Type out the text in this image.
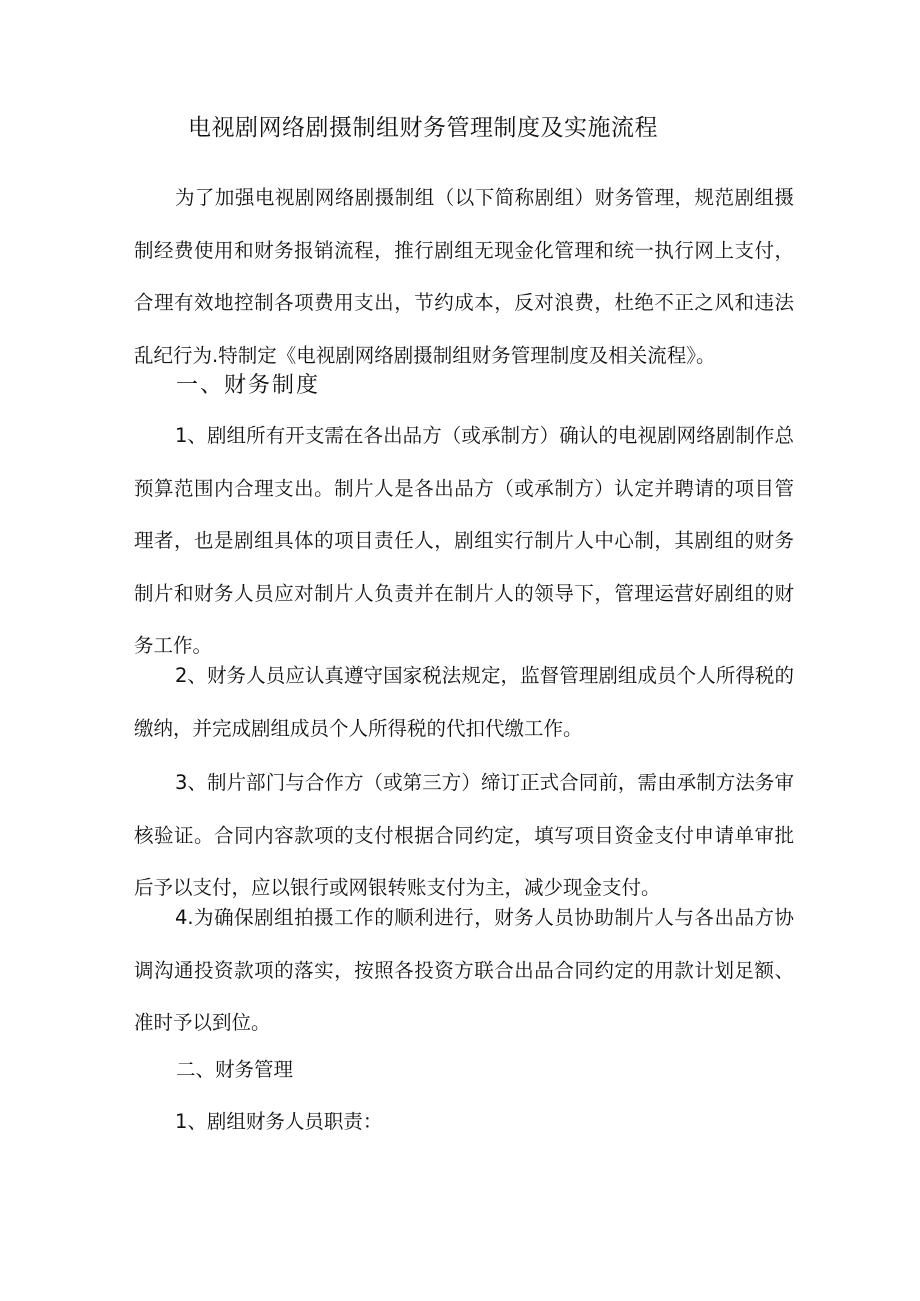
电视剧网络剧摄制组财务管理制度及实施流程

为了加强电视剧网络剧摄制组（以下简称剧组）财务管理，规范剧组摄制经费使用和财务报销流程，推行剧组无现金化管理和统一执行网上支付，合理有效地控制各项费用支出，节约成本，反对浪费，杜绝不正之风和违法乱纪行为.特制定《电视剧网络剧摄制组财务管理制度及相关流程》。

一、财务制度

1、剧组所有开支需在各出品方（或承制方）确认的电视剧网络剧制作总预算范围内合理支出。制片人是各出品方（或承制方）认定并聘请的项目管理者，也是剧组具体的项目责任人，剧组实行制片人中心制，其剧组的财务制片和财务人员应对制片人负责并在制片人的领导下，管理运营好剧组的财务工作。

2、财务人员应认真遵守国家税法规定，监督管理剧组成员个人所得税的缴纳，并完成剧组成员个人所得税的代扣代缴工作。

3、制片部门与合作方（或第三方）缔订正式合同前，需由承制方法务审核验证。合同内容款项的支付根据合同约定，填写项目资金支付申请单审批后予以支付，应以银行或网银转账支付为主，减少现金支付。

4.为确保剧组拍摄工作的顺利进行，财务人员协助制片人与各出品方协调沟通投资款项的落实，按照各投资方联合出品合同约定的用款计划足额、准时予以到位。

二、财务管理

1、剧组财务人员职责：
